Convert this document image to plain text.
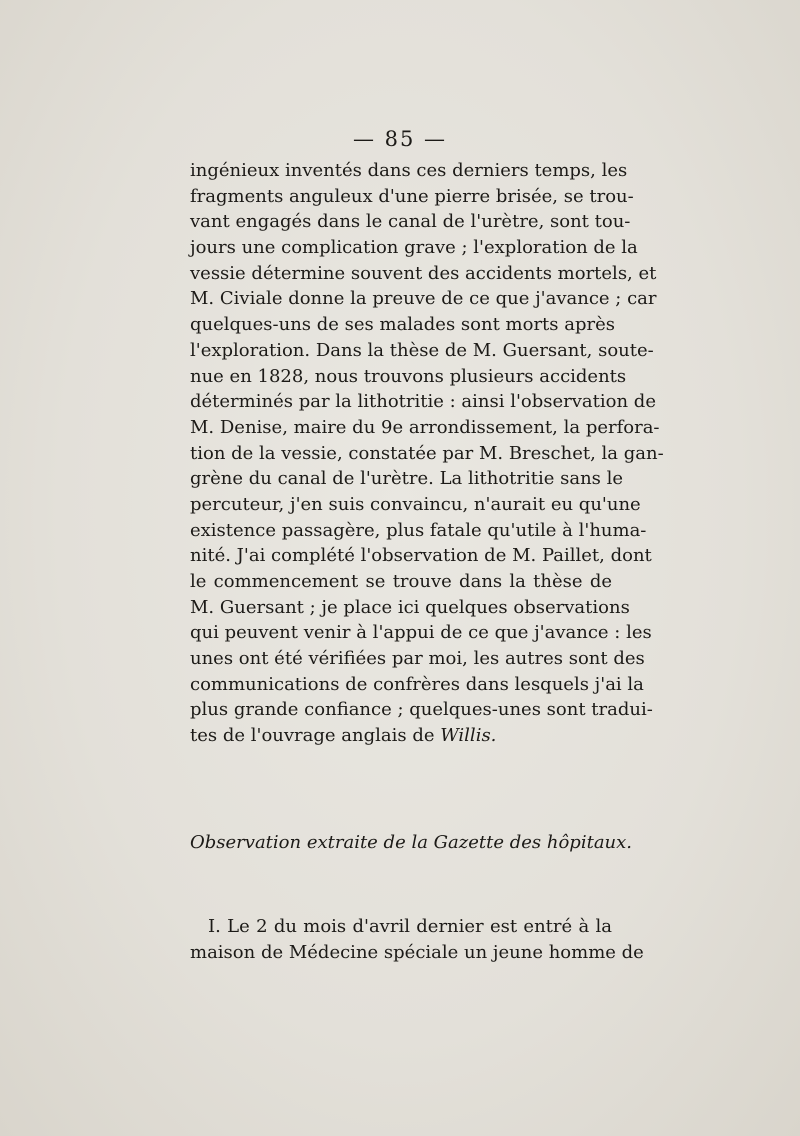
— 85 —
ingénieux inventés dans ces derniers temps, les
fragments anguleux d'une pierre brisée, se trou-
vant engagés dans le canal de l'urètre, sont tou-
jours une complication grave ; l'exploration de la
vessie détermine souvent des accidents mortels, et
M. Civiale donne la preuve de ce que j'avance ; car
quelques-uns de ses malades sont morts après
l'exploration. Dans la thèse de M. Guersant, soute-
nue en 1828, nous trouvons plusieurs accidents
déterminés par la lithotritie : ainsi l'observation de
M. Denise, maire du 9e arrondissement, la perfora-
tion de la vessie, constatée par M. Breschet, la gan-
grène du canal de l'urètre. La lithotritie sans le
percuteur, j'en suis convaincu, n'aurait eu qu'une
existence passagère, plus fatale qu'utile à l'huma-
nité. J'ai complété l'observation de M. Paillet, dont
le commencement se trouve dans la thèse de
M. Guersant ; je place ici quelques observations
qui peuvent venir à l'appui de ce que j'avance : les
unes ont été vérifiées par moi, les autres sont des
communications de confrères dans lesquels j'ai la
plus grande confiance ; quelques-unes sont tradui-
tes de l'ouvrage anglais de Willis.
Observation extraite de la Gazette des hôpitaux.
I. Le 2 du mois d'avril dernier est entré à la
maison de Médecine spéciale un jeune homme de
